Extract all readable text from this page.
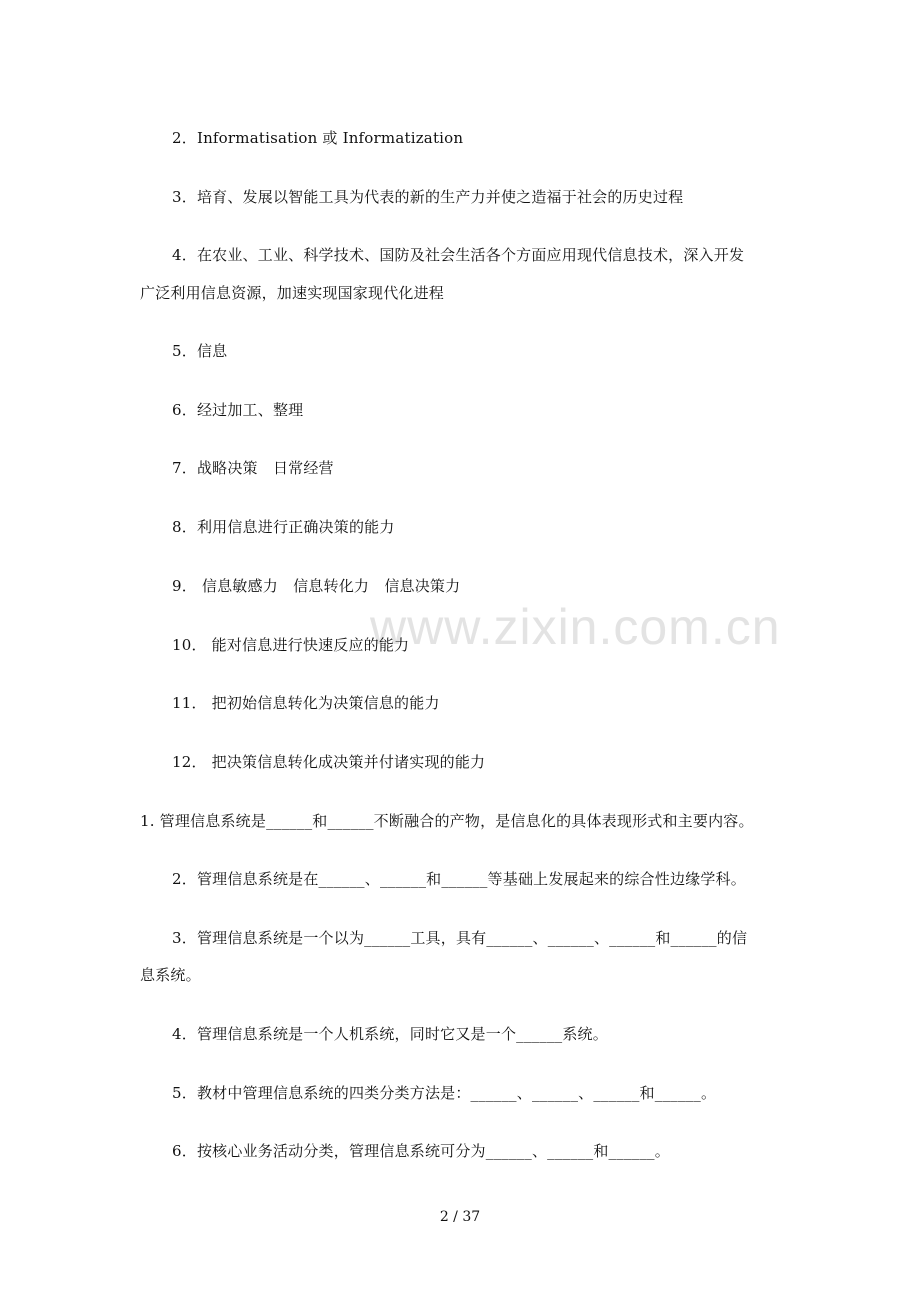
2．Informatisation 或 Informatization
3．培育、发展以智能工具为代表的新的生产力并使之造福于社会的历史过程
4．在农业、工业、科学技术、国防及社会生活各个方面应用现代信息技术，深入开发
广泛利用信息资源，加速实现国家现代化进程
5．信息
6．经过加工、整理
7．战略决策　日常经营
8．利用信息进行正确决策的能力
9． 信息敏感力　信息转化力　信息决策力
www.zixin.com.cn
10． 能对信息进行快速反应的能力
11． 把初始信息转化为决策信息的能力
12． 把决策信息转化成决策并付诸实现的能力
1. 管理信息系统是______和______不断融合的产物，是信息化的具体表现形式和主要内容。
2．管理信息系统是在______、______和______等基础上发展起来的综合性边缘学科。
3．管理信息系统是一个以为______工具，具有______、______、______和______的信
息系统。
4．管理信息系统是一个人机系统，同时它又是一个______系统。
5．教材中管理信息系统的四类分类方法是：______、______、______和______。
6．按核心业务活动分类，管理信息系统可分为______、______和______。
2 / 37
